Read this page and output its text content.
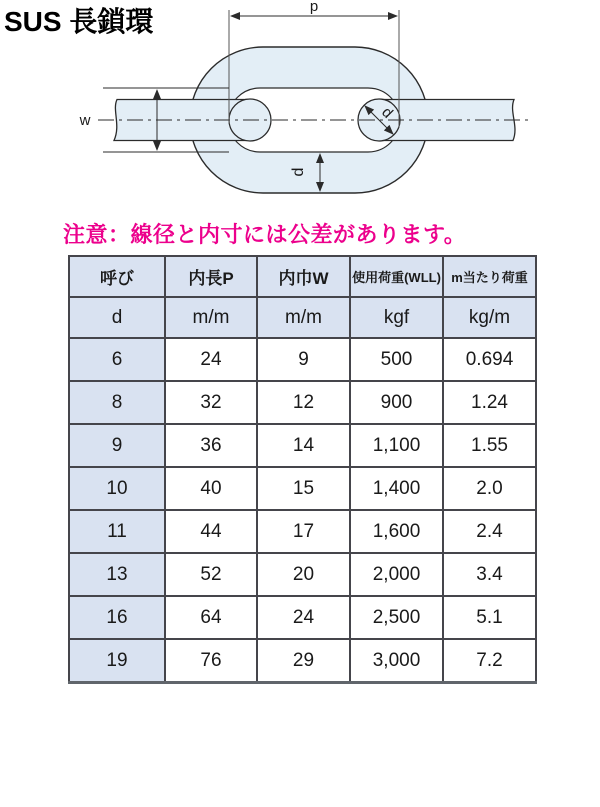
SUS 長鎖環	p
w
d
d
注意：線径と内寸には公差があります。
呼び	内長P	内巾W	使用荷重(WLL)	m当たり荷重
d	m/m	m/m	kgf	kg/m
6	24	9	500	0.694
8	32	12	900	1.24
9	36	14	1,100	1.55
10	40	15	1,400	2.0
11	44	17	1,600	2.4
13	52	20	2,000	3.4
16	64	24	2,500	5.1
19	76	29	3,000	7.2
